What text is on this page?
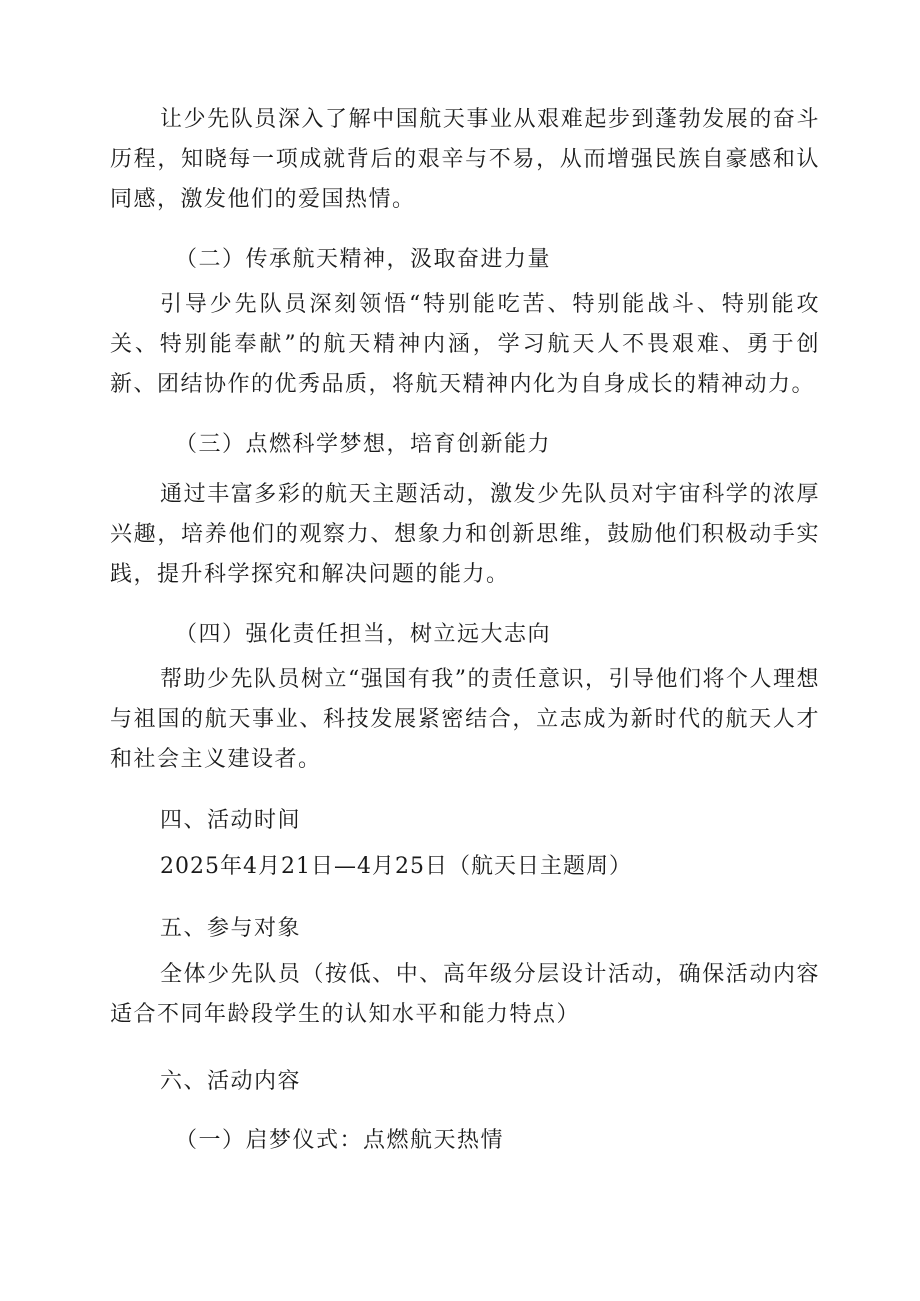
让少先队员深入了解中国航天事业从艰难起步到蓬勃发展的奋斗历程，知晓每一项成就背后的艰辛与不易，从而增强民族自豪感和认同感，激发他们的爱国热情。

（二）传承航天精神，汲取奋进力量

引导少先队员深刻领悟“特别能吃苦、特别能战斗、特别能攻关、特别能奉献”的航天精神内涵，学习航天人不畏艰难、勇于创新、团结协作的优秀品质，将航天精神内化为自身成长的精神动力。

（三）点燃科学梦想，培育创新能力

通过丰富多彩的航天主题活动，激发少先队员对宇宙科学的浓厚兴趣，培养他们的观察力、想象力和创新思维，鼓励他们积极动手实践，提升科学探究和解决问题的能力。

（四）强化责任担当，树立远大志向

帮助少先队员树立“强国有我”的责任意识，引导他们将个人理想与祖国的航天事业、科技发展紧密结合，立志成为新时代的航天人才和社会主义建设者。

四、活动时间

2025年4月21日—4月25日（航天日主题周）

五、参与对象

全体少先队员（按低、中、高年级分层设计活动，确保活动内容适合不同年龄段学生的认知水平和能力特点）

六、活动内容

（一）启梦仪式：点燃航天热情
